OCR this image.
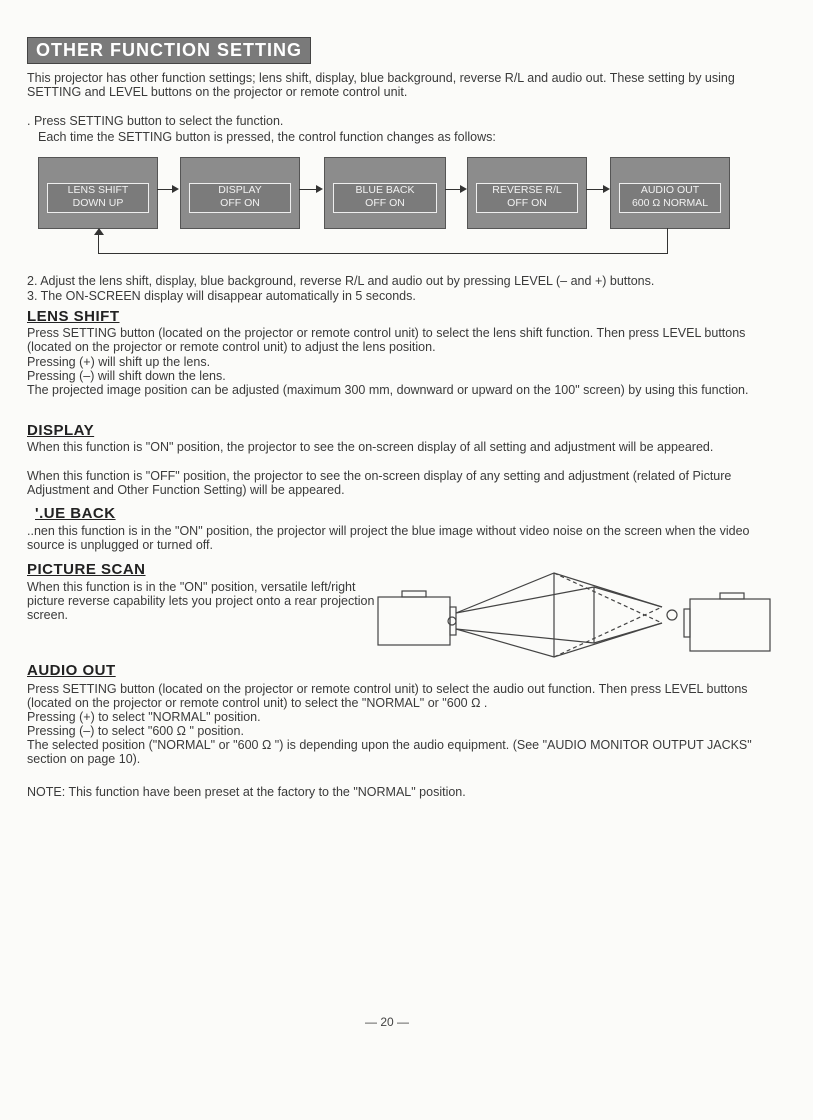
OTHER FUNCTION SETTING

This projector has other function settings; lens shift, display, blue background, reverse R/L and audio out. These setting by using SETTING and LEVEL buttons on the projector or remote control unit.

. Press SETTING button to select the function.

Each time the SETTING button is pressed, the control function changes as follows:

LENS SHIFT
DOWN UP
DISPLAY
OFF ON
BLUE BACK
OFF ON
REVERSE R/L
OFF ON
AUDIO OUT
600 Ω NORMAL

2. Adjust the lens shift, display, blue background, reverse R/L and audio out by pressing LEVEL (– and +) buttons.

3. The ON-SCREEN display will disappear automatically in 5 seconds.

LENS SHIFT

Press SETTING button (located on the projector or remote control unit) to select the lens shift function. Then press LEVEL buttons (located on the projector or remote control unit) to adjust the lens position.

Pressing (+) will shift up the lens.

Pressing (–) will shift down the lens.

The projected image position can be adjusted (maximum 300 mm, downward or upward on the 100" screen) by using this function.

DISPLAY

When this function is "ON" position, the projector to see the on-screen display of all setting and adjustment will be appeared.

When this function is "OFF" position, the projector to see the on-screen display of any setting and adjustment (related of Picture Adjustment and Other Function Setting) will be appeared.

'.UE BACK

..nen this function is in the "ON" position, the projector will project the blue image without video noise on the screen when the video source is unplugged or turned off.

PICTURE SCAN

When this function is in the "ON" position, versatile left/right picture reverse capability lets you project onto a rear projection screen.

AUDIO OUT

Press SETTING button (located on the projector or remote control unit) to select the audio out function. Then press LEVEL buttons (located on the projector or remote control unit) to select the "NORMAL" or "600 Ω .

Pressing (+) to select "NORMAL" position.

Pressing (–) to select "600 Ω " position.

The selected position ("NORMAL" or "600 Ω ") is depending upon the audio equipment. (See "AUDIO MONITOR OUTPUT JACKS" section on page 10).

NOTE: This function have been preset at the factory to the "NORMAL" position.

— 20 —
